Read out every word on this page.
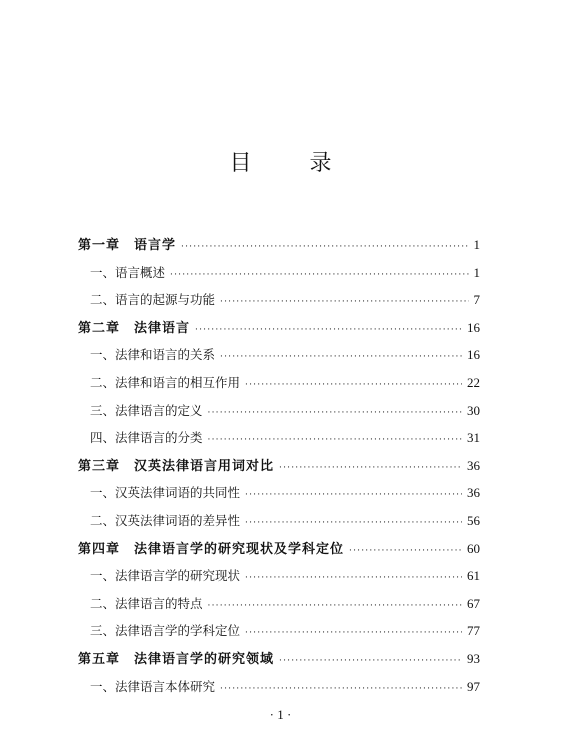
目	录
第一章 语言学 ·····	1
一、语言概述 ·····	1
二、语言的起源与功能 ·····	7
第二章 法律语言 ·····	16
一、法律和语言的关系 ·····	16
二、法律和语言的相互作用 ·····	22
三、法律语言的定义 ·····	30
四、法律语言的分类 ·····	31
第三章 汉英法律语言用词对比 ·····	36
一、汉英法律词语的共同性 ·····	36
二、汉英法律词语的差异性 ·····	56
第四章 法律语言学的研究现状及学科定位 ·····	60
一、法律语言学的研究现状 ·····	61
二、法律语言的特点 ·····	67
三、法律语言学的学科定位 ·····	77
第五章 法律语言学的研究领域 ·····	93
一、法律语言本体研究 ·····	97
· 1 ·
